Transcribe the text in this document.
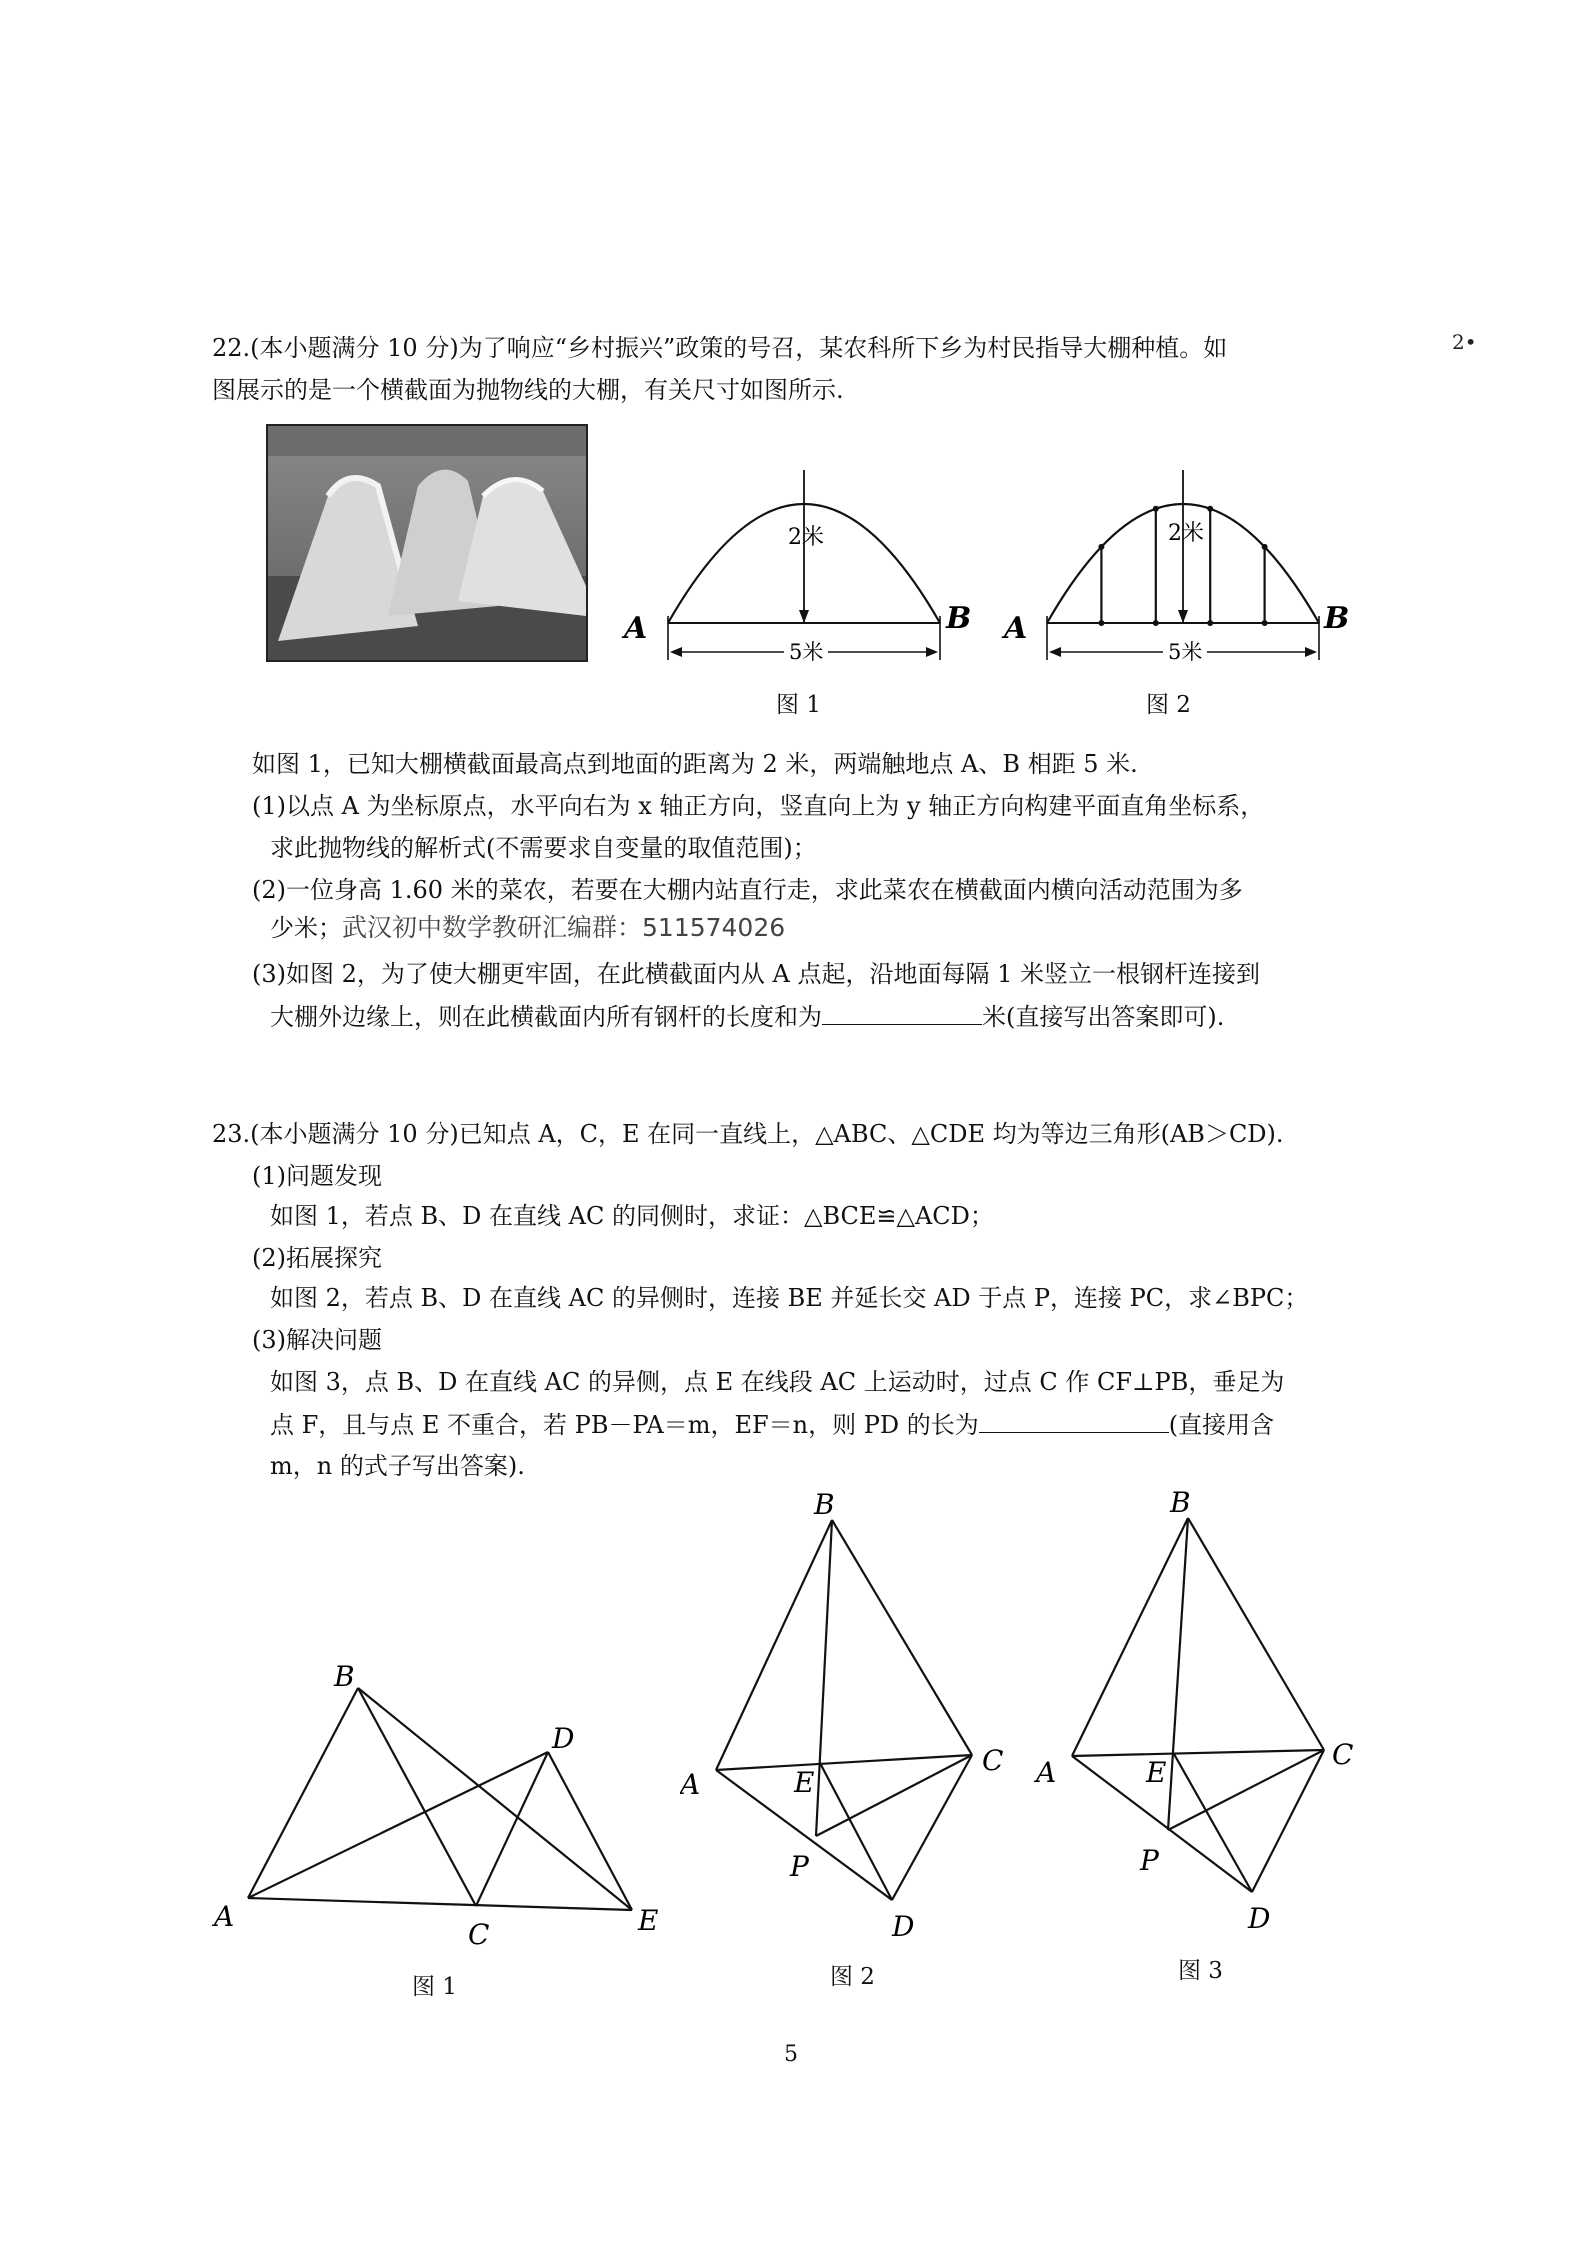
2•
22.(本小题满分 10 分)为了响应“乡村振兴”政策的号召，某农科所下乡为村民指导大棚种植。如
图展示的是一个横截面为抛物线的大棚，有关尺寸如图所示.
2米
5米
A	B
图 1
2米
5米
A	B
图 2
如图 1，已知大棚横截面最高点到地面的距离为 2 米，两端触地点 A、B 相距 5 米.
(1)以点 A 为坐标原点，水平向右为 x 轴正方向，竖直向上为 y 轴正方向构建平面直角坐标系，
求此抛物线的解析式(不需要求自变量的取值范围)；
(2)一位身高 1.60 米的菜农，若要在大棚内站直行走，求此菜农在横截面内横向活动范围为多
少米；武汉初中数学教研汇编群：511574026
(3)如图 2，为了使大棚更牢固，在此横截面内从 A 点起，沿地面每隔 1 米竖立一根钢杆连接到
大棚外边缘上，则在此横截面内所有钢杆的长度和为	米(直接写出答案即可).
23.(本小题满分 10 分)已知点 A，C，E 在同一直线上，△ABC、△CDE 均为等边三角形(AB＞CD).
(1)问题发现
如图 1，若点 B、D 在直线 AC 的同侧时，求证：△BCE≌△ACD；
(2)拓展探究
如图 2，若点 B、D 在直线 AC 的异侧时，连接 BE 并延长交 AD 于点 P，连接 PC，求∠BPC；
(3)解决问题
如图 3，点 B、D 在直线 AC 的异侧，点 E 在线段 AC 上运动时，过点 C 作 CF⊥PB，垂足为
点 F，且与点 E 不重合，若 PB－PA＝m，EF＝n，则 PD 的长为	(直接用含
m，n 的式子写出答案).
A
B
C
D
E
图 1
A
B
C
D
E
P
图 2
A
B
C
D
E
P
图 3
5
